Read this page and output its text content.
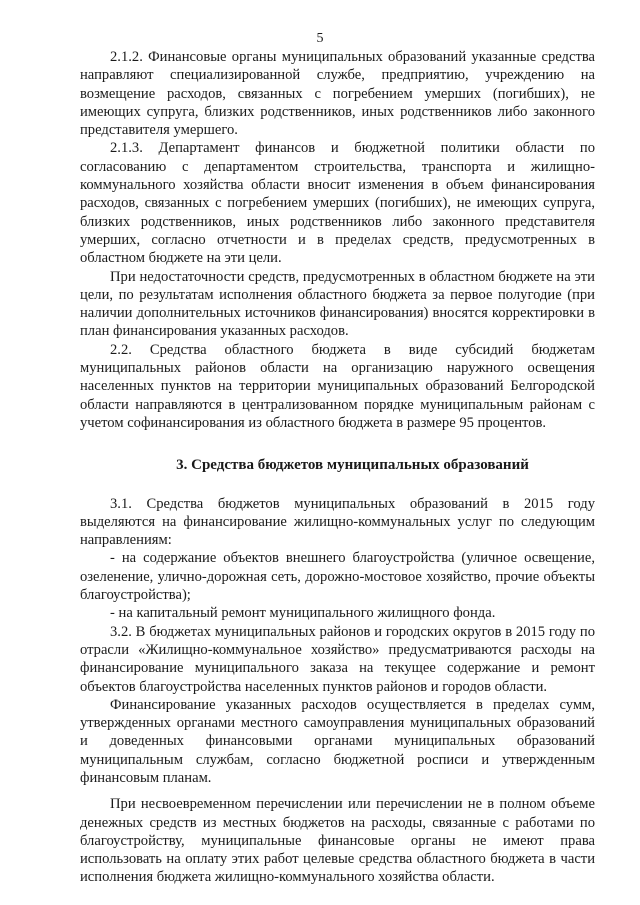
5

2.1.2. Финансовые органы муниципальных образований указанные средства направляют специализированной службе, предприятию, учреждению на возмещение расходов, связанных с погребением умерших (погибших), не имеющих супруга, близких родственников, иных родственников либо законного представителя умершего.

2.1.3. Департамент финансов и бюджетной политики области по согласованию с департаментом строительства, транспорта и жилищно-коммунального хозяйства области вносит изменения в объем финансирования расходов, связанных с погребением умерших (погибших), не имеющих супруга, близких родственников, иных родственников либо законного представителя умерших, согласно отчетности и в пределах средств, предусмотренных в областном бюджете на эти цели.

При недостаточности средств, предусмотренных в областном бюджете на эти цели, по результатам исполнения областного бюджета за первое полугодие (при наличии дополнительных источников финансирования) вносятся корректировки в план финансирования указанных расходов.

2.2. Средства областного бюджета в виде субсидий бюджетам муниципальных районов области на организацию наружного освещения населенных пунктов на территории муниципальных образований Белгородской области направляются в централизованном порядке муниципальным районам с учетом софинансирования из областного бюджета в размере 95 процентов.

3. Средства бюджетов муниципальных образований

3.1. Средства бюджетов муниципальных образований в 2015 году выделяются на финансирование жилищно-коммунальных услуг по следующим направлениям:

- на содержание объектов внешнего благоустройства (уличное освещение, озеленение, улично-дорожная сеть, дорожно-мостовое хозяйство, прочие объекты благоустройства);

- на капитальный ремонт муниципального жилищного фонда.

3.2. В бюджетах муниципальных районов и городских округов в 2015 году по отрасли «Жилищно-коммунальное хозяйство» предусматриваются расходы на финансирование муниципального заказа на текущее содержание и ремонт объектов благоустройства населенных пунктов районов и городов области.

Финансирование указанных расходов осуществляется в пределах сумм, утвержденных органами местного самоуправления муниципальных образований и доведенных финансовыми органами муниципальных образований муниципальным службам, согласно бюджетной росписи и утвержденным финансовым планам.

При несвоевременном перечислении или перечислении не в полном объеме денежных средств из местных бюджетов на расходы, связанные с работами по благоустройству, муниципальные финансовые органы не имеют права использовать на оплату этих работ целевые средства областного бюджета в части исполнения бюджета жилищно-коммунального хозяйства области.
